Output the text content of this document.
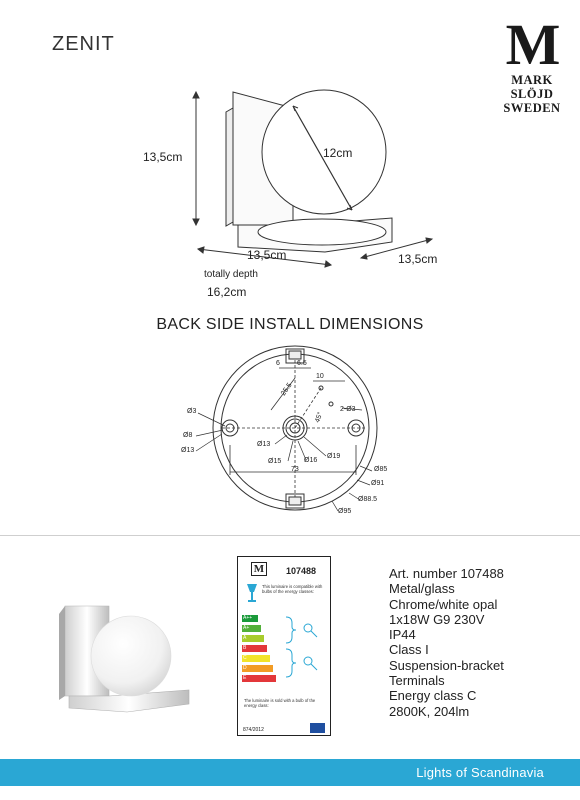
ZENIT	M
MARK
SLÖJD
SWEDEN
13,5cm	12cm
13,5cm	13,5cm
totally depth
16,2cm
BACK SIDE INSTALL DIMENSIONS
Ø3
Ø8
Ø13
Ø13
Ø15	Ø16
Ø19
Ø85
Ø91
Ø88.5
Ø95
73
6 6.5
10
25.5
45°
2-Ø3
M	107488
This luminaire is compatible with bulbs of the energy classes:
A++
A+
A
B
C
D
E
The luminaire is sold with a bulb of the energy class:
874/2012
Art. number 107488
Metal/glass
Chrome/white opal
1x18W G9 230V
IP44
Class I
Suspension-bracket
Terminals
Energy class C
2800K, 204lm
Lights of Scandinavia
